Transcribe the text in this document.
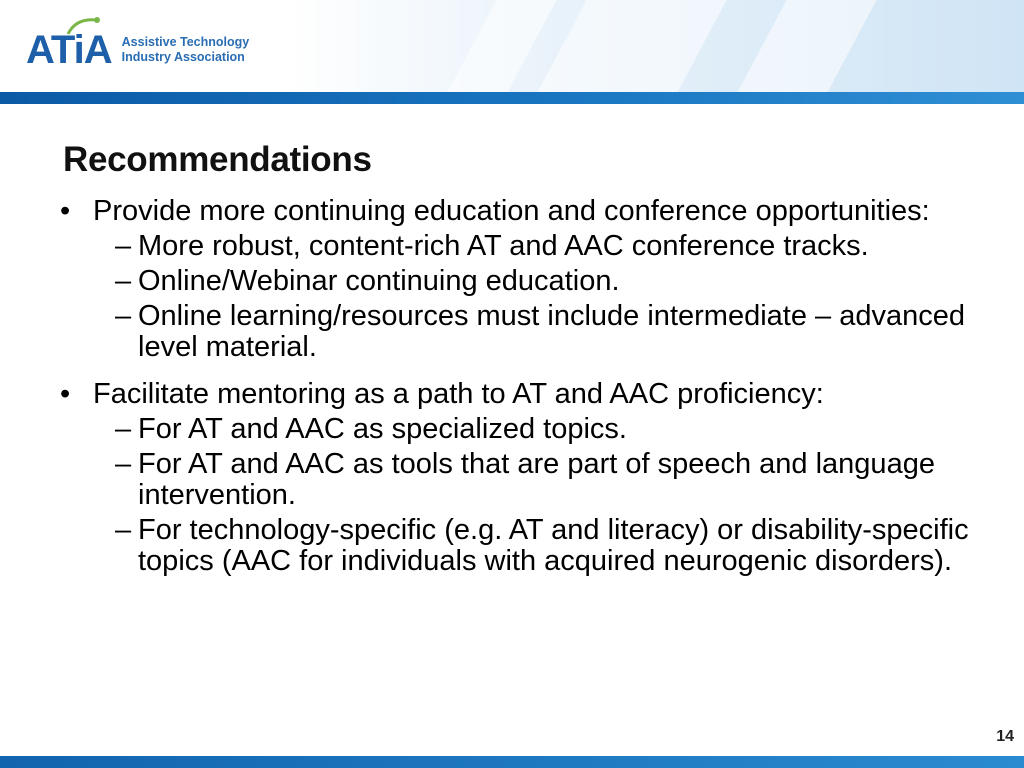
ATiA Assistive Technology
Industry Association
Recommendations
• Provide more continuing education and conference opportunities:
– More robust, content-rich AT and AAC conference tracks.
– Online/Webinar continuing education.
– Online learning/resources must include intermediate – advanced level material.
• Facilitate mentoring as a path to AT and AAC proficiency:
– For AT and AAC as specialized topics.
– For AT and AAC as tools that are part of speech and language intervention.
– For technology-specific (e.g. AT and literacy) or disability-specific topics (AAC for individuals with acquired neurogenic disorders).
14
